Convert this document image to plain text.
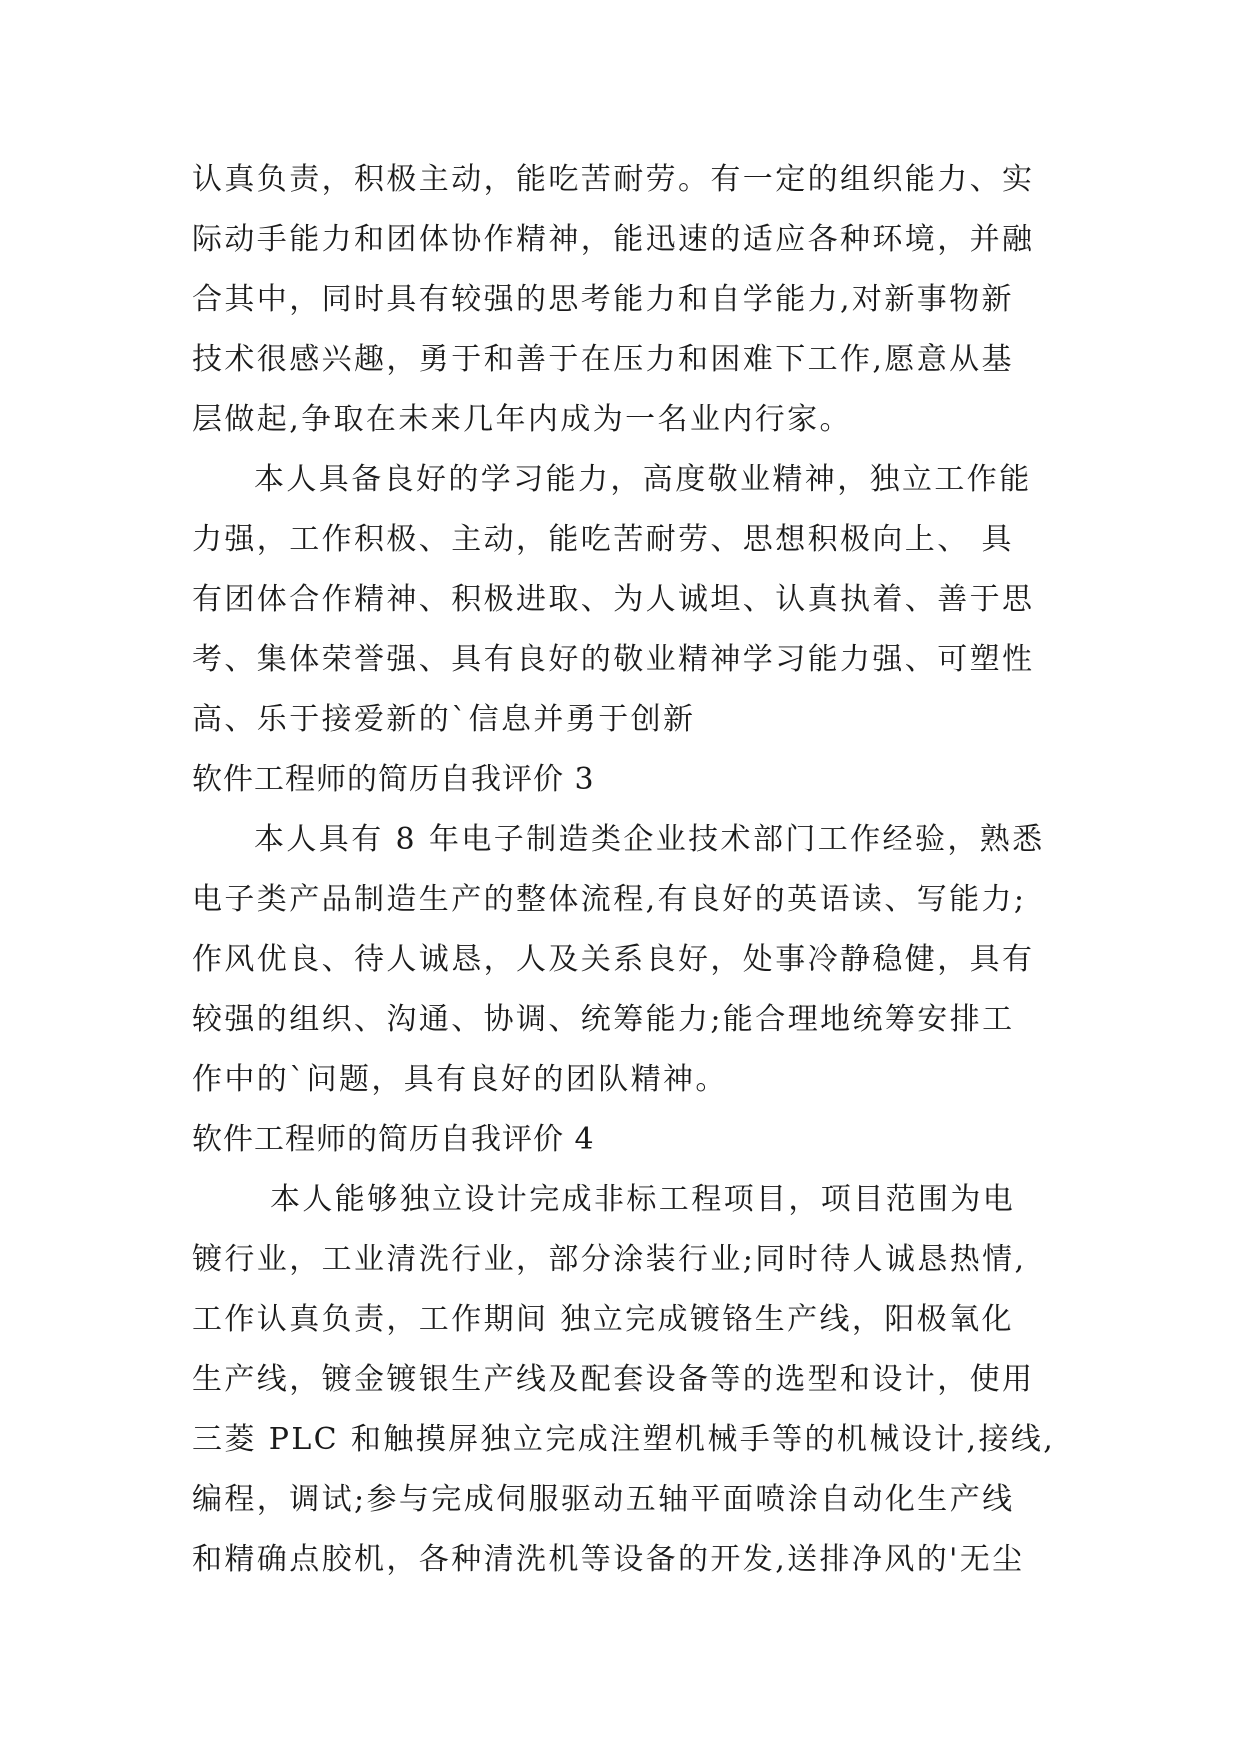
认真负责，积极主动，能吃苦耐劳。有一定的组织能力、实
际动手能力和团体协作精神，能迅速的适应各种环境，并融
合其中，同时具有较强的思考能力和自学能力,对新事物新
技术很感兴趣，勇于和善于在压力和困难下工作,愿意从基
层做起,争取在未来几年内成为一名业内行家。
本人具备良好的学习能力，高度敬业精神，独立工作能
力强，工作积极、主动，能吃苦耐劳、思想积极向上、 具
有团体合作精神、积极进取、为人诚坦、认真执着、善于思
考、集体荣誉强、具有良好的敬业精神学习能力强、可塑性
高、乐于接爱新的`信息并勇于创新
软件工程师的简历自我评价 3
本人具有 8 年电子制造类企业技术部门工作经验，熟悉
电子类产品制造生产的整体流程,有良好的英语读、写能力;
作风优良、待人诚恳，人及关系良好，处事冷静稳健，具有
较强的组织、沟通、协调、统筹能力;能合理地统筹安排工
作中的`问题，具有良好的团队精神。
软件工程师的简历自我评价 4
本人能够独立设计完成非标工程项目，项目范围为电
镀行业，工业清洗行业，部分涂装行业;同时待人诚恳热情,
工作认真负责，工作期间 独立完成镀铬生产线，阳极氧化
生产线，镀金镀银生产线及配套设备等的选型和设计，使用
三菱 PLC 和触摸屏独立完成注塑机械手等的机械设计,接线,
编程，调试;参与完成伺服驱动五轴平面喷涂自动化生产线
和精确点胶机，各种清洗机等设备的开发,送排净风的'无尘
